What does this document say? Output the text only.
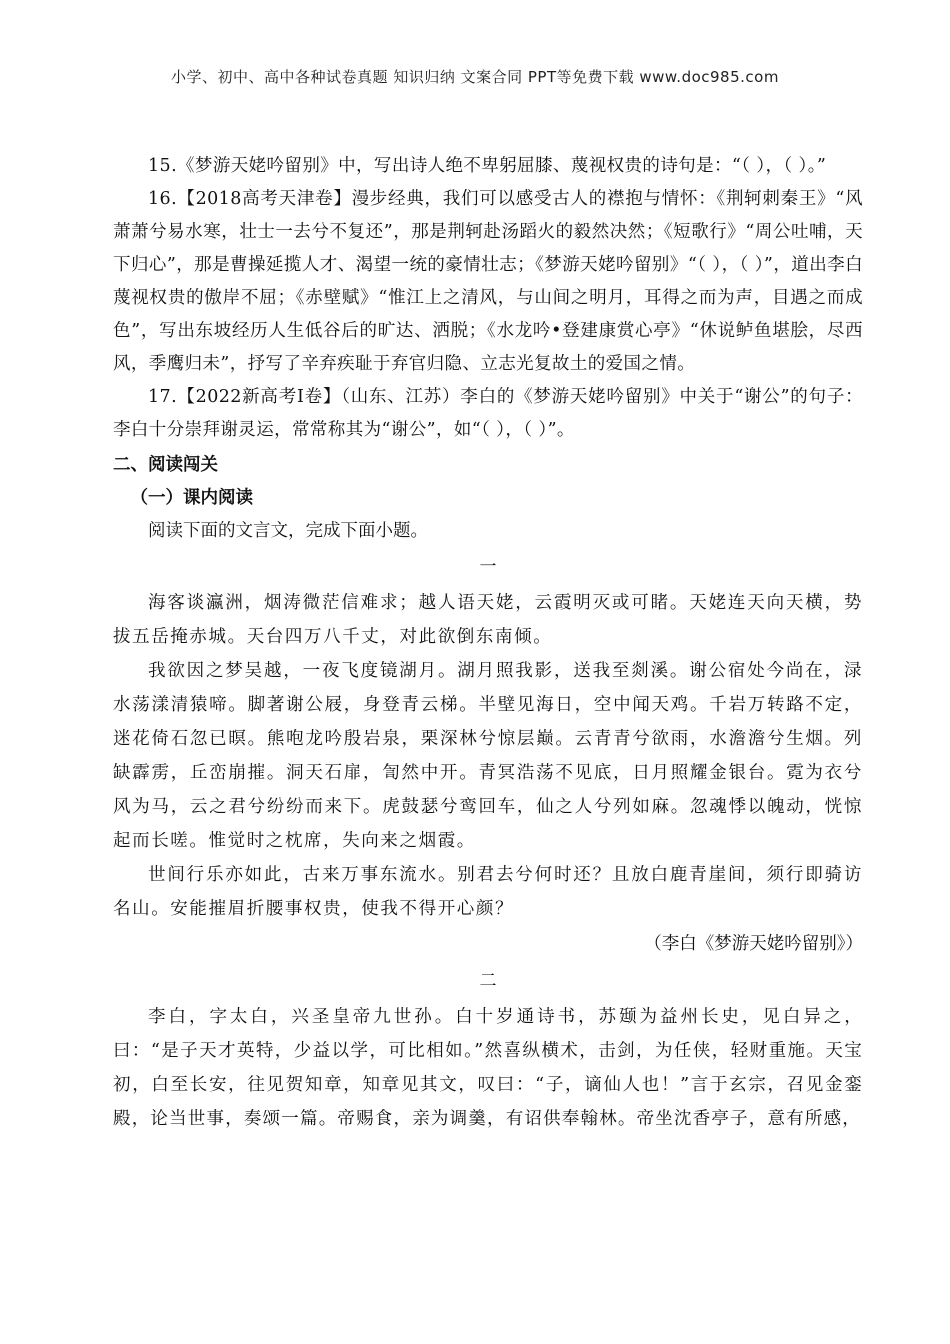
小学、初中、高中各种试卷真题 知识归纳 文案合同 PPT等免费下载 www.doc985.com

15.《梦游天姥吟留别》中，写出诗人绝不卑躬屈膝、蔑视权贵的诗句是：“（ ），（ ）。”

16.【2018高考天津卷】漫步经典，我们可以感受古人的襟抱与情怀：《荆轲刺秦王》“风萧萧兮易水寒，壮士一去兮不复还”，那是荆轲赴汤蹈火的毅然决然；《短歌行》“周公吐哺，天下归心”，那是曹操延揽人才、渴望一统的豪情壮志；《梦游天姥吟留别》“（ ），（ ）”，道出李白蔑视权贵的傲岸不屈；《赤壁赋》“惟江上之清风，与山间之明月，耳得之而为声，目遇之而成色”，写出东坡经历人生低谷后的旷达、洒脱；《水龙吟•登建康赏心亭》“休说鲈鱼堪脍，尽西风，季鹰归未”，抒写了辛弃疾耻于弃官归隐、立志光复故土的爱国之情。

17.【2022新高考Ⅰ卷】（山东、江苏）李白的《梦游天姥吟留别》中关于“谢公”的句子：李白十分崇拜谢灵运，常常称其为“谢公”，如“（ ），（ ）”。

二、阅读闯关

（一）课内阅读

阅读下面的文言文，完成下面小题。

一

海客谈瀛洲，烟涛微茫信难求；越人语天姥，云霞明灭或可睹。天姥连天向天横，势拔五岳掩赤城。天台四万八千丈，对此欲倒东南倾。

我欲因之梦吴越，一夜飞度镜湖月。湖月照我影，送我至剡溪。谢公宿处今尚在，渌水荡漾清猿啼。脚著谢公屐，身登青云梯。半壁见海日，空中闻天鸡。千岩万转路不定，迷花倚石忽已暝。熊咆龙吟殷岩泉，栗深林兮惊层巅。云青青兮欲雨，水澹澹兮生烟。列缺霹雳，丘峦崩摧。洞天石扉，訇然中开。青冥浩荡不见底，日月照耀金银台。霓为衣兮风为马，云之君兮纷纷而来下。虎鼓瑟兮鸾回车，仙之人兮列如麻。忽魂悸以魄动，恍惊起而长嗟。惟觉时之枕席，失向来之烟霞。

世间行乐亦如此，古来万事东流水。别君去兮何时还？且放白鹿青崖间，须行即骑访名山。安能摧眉折腰事权贵，使我不得开心颜？

（李白《梦游天姥吟留别》）

二

李白，字太白，兴圣皇帝九世孙。白十岁通诗书，苏颋为益州长史，见白异之，曰：“是子天才英特，少益以学，可比相如。”然喜纵横术，击剑，为任侠，轻财重施。天宝初，白至长安，往见贺知章，知章见其文，叹曰：“子，谪仙人也！”言于玄宗，召见金銮殿，论当世事，奏颂一篇。帝赐食，亲为调羹，有诏供奉翰林。帝坐沈香亭子，意有所感，
